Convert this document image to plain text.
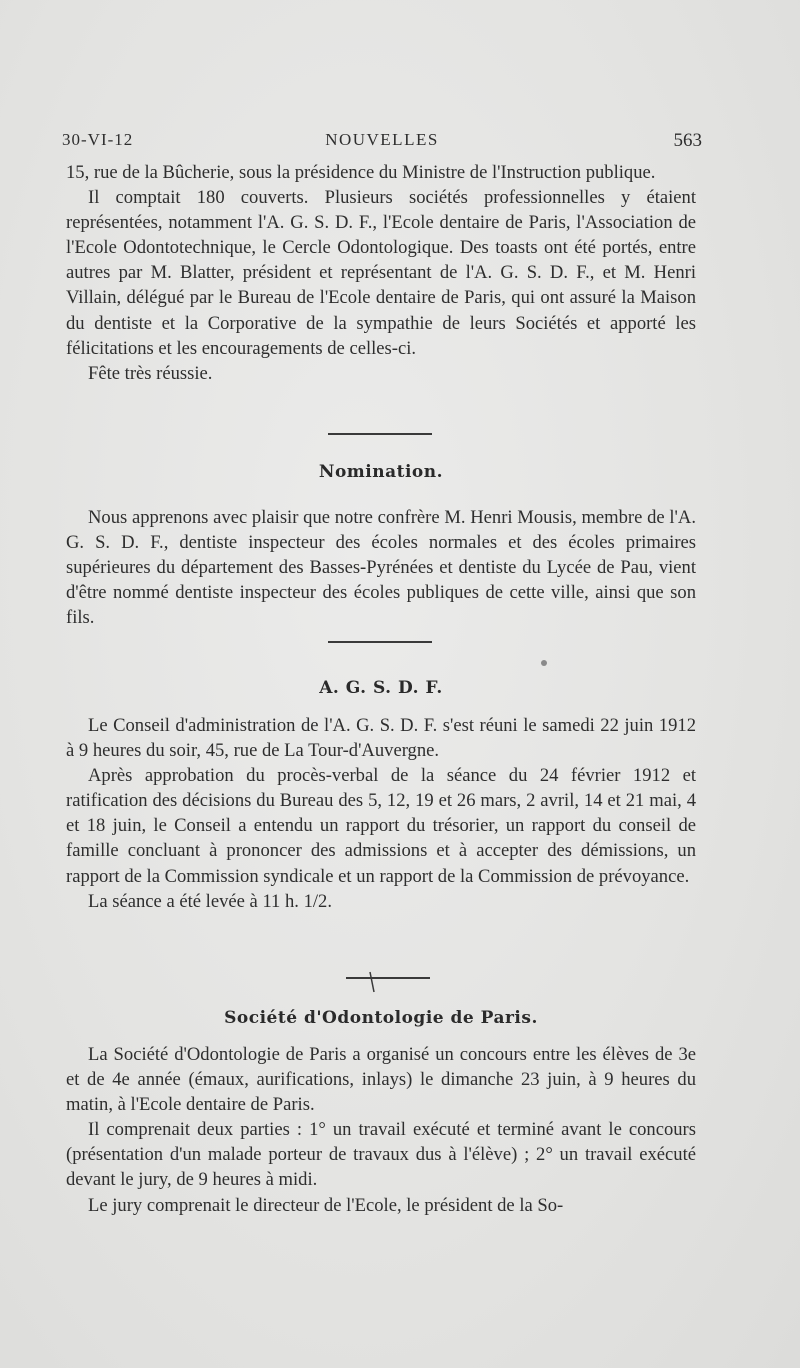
30-VI-12	NOUVELLES	563

15, rue de la Bûcherie, sous la présidence du Ministre de l'Instruction publique.

Il comptait 180 couverts. Plusieurs sociétés professionnelles y étaient représentées, notamment l'A. G. S. D. F., l'Ecole dentaire de Paris, l'Association de l'Ecole Odontotechnique, le Cercle Odontologique. Des toasts ont été portés, entre autres par M. Blatter, président et représentant de l'A. G. S. D. F., et M. Henri Villain, délégué par le Bureau de l'Ecole dentaire de Paris, qui ont assuré la Maison du dentiste et la Corporative de la sympathie de leurs Sociétés et apporté les félicitations et les encouragements de celles-ci.

Fête très réussie.

Nomination.

Nous apprenons avec plaisir que notre confrère M. Henri Mousis, membre de l'A. G. S. D. F., dentiste inspecteur des écoles normales et des écoles primaires supérieures du département des Basses-Pyrénées et dentiste du Lycée de Pau, vient d'être nommé dentiste inspecteur des écoles publiques de cette ville, ainsi que son fils.

A. G. S. D. F.

Le Conseil d'administration de l'A. G. S. D. F. s'est réuni le samedi 22 juin 1912 à 9 heures du soir, 45, rue de La Tour-d'Auvergne.

Après approbation du procès-verbal de la séance du 24 février 1912 et ratification des décisions du Bureau des 5, 12, 19 et 26 mars, 2 avril, 14 et 21 mai, 4 et 18 juin, le Conseil a entendu un rapport du trésorier, un rapport du conseil de famille concluant à prononcer des admissions et à accepter des démissions, un rapport de la Commission syndicale et un rapport de la Commission de prévoyance.

La séance a été levée à 11 h. 1/2.

Société d'Odontologie de Paris.

La Société d'Odontologie de Paris a organisé un concours entre les élèves de 3e et de 4e année (émaux, aurifications, inlays) le dimanche 23 juin, à 9 heures du matin, à l'Ecole dentaire de Paris.

Il comprenait deux parties : 1° un travail exécuté et terminé avant le concours (présentation d'un malade porteur de travaux dus à l'élève) ; 2° un travail exécuté devant le jury, de 9 heures à midi.

Le jury comprenait le directeur de l'Ecole, le président de la So-
